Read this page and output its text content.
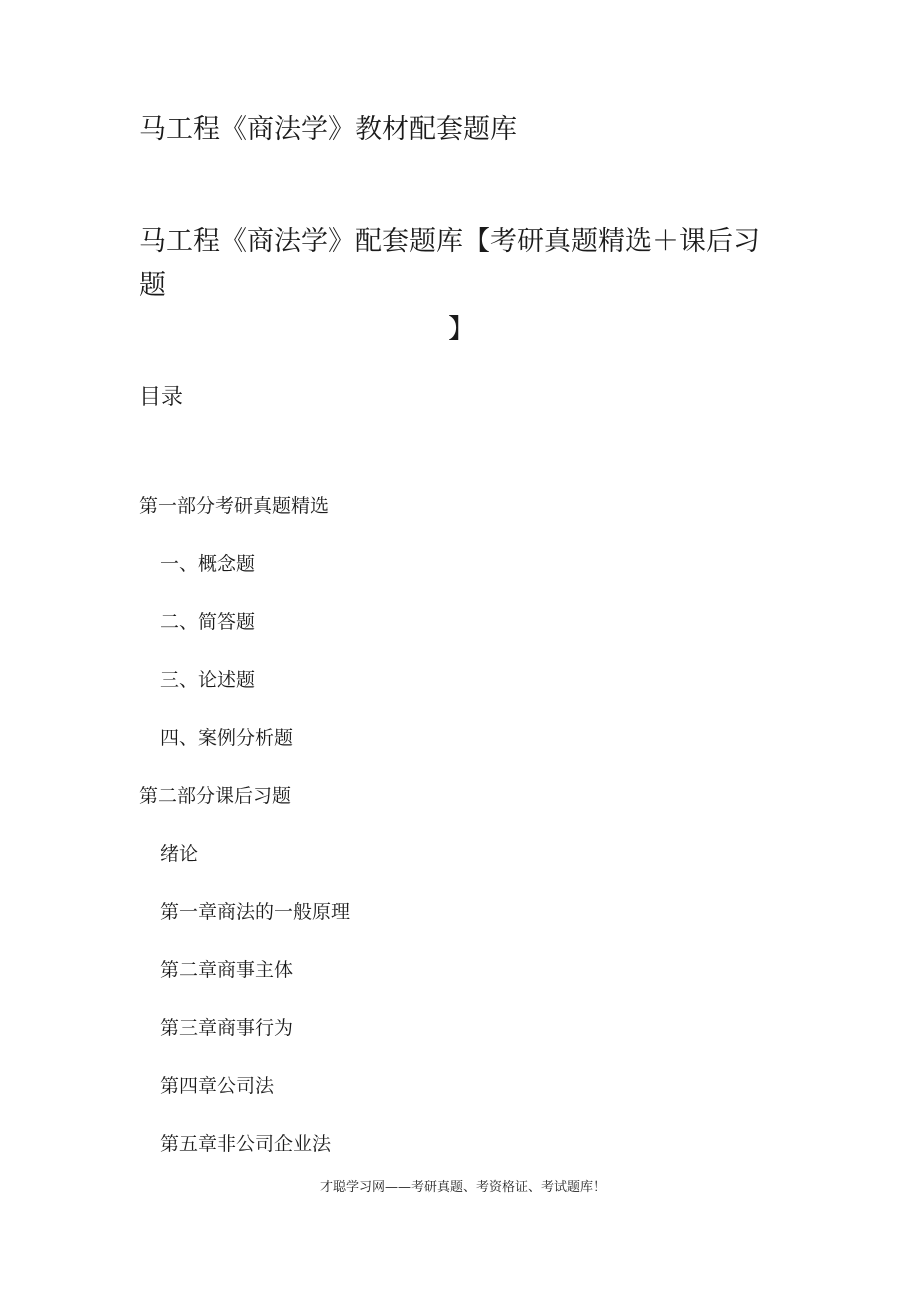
马工程《商法学》教材配套题库
马工程《商法学》配套题库【考研真题精选＋课后习题
】
目录
第一部分考研真题精选
一、概念题
二、简答题
三、论述题
四、案例分析题
第二部分课后习题
绪论
第一章商法的一般原理
第二章商事主体
第三章商事行为
第四章公司法
第五章非公司企业法
才聪学习网——考研真题、考资格证、考试题库！
